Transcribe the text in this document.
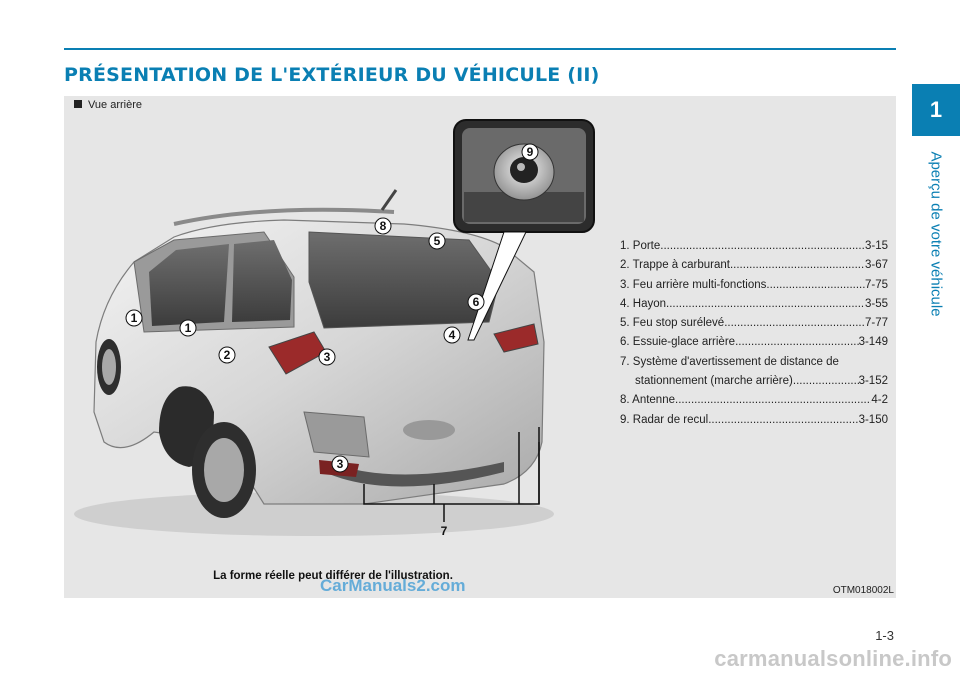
PRÉSENTATION DE L'EXTÉRIEUR DU VÉHICULE (II)
Vue arrière
1
1
2	3
3
4
5
6
7
8
9
1. Porte .....	3-15
2. Trappe à carburant .....	3-67
3. Feu arrière multi-fonctions .....	7-75
4. Hayon .....	3-55
5. Feu stop surélevé .....	7-77
6. Essuie-glace arrière .....	3-149
7. Système d'avertissement de distance de
stationnement (marche arrière) .....	3-152
8. Antenne .....	4-2
9. Radar de recul .....	3-150
La forme réelle peut différer de l'illustration.
OTM018002L
CarManuals2.com
1
Aperçu de votre véhicule
1-3
carmanualsonline.info
